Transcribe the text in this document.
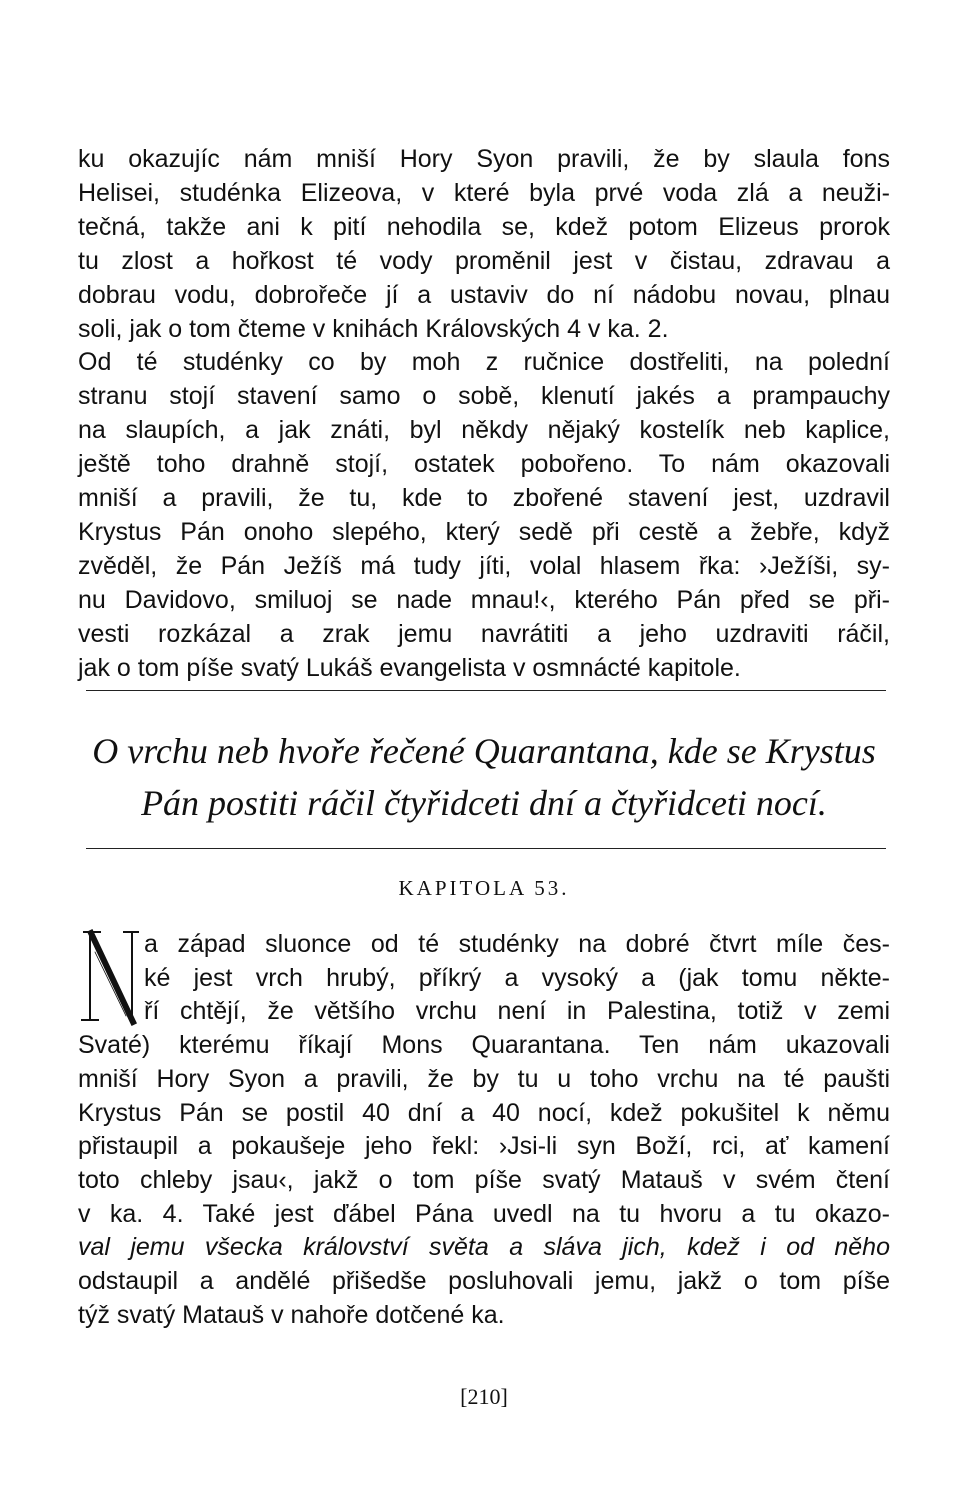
ku okazujíc nám mniší Hory Syon pravili, že by slaula fons
Helisei, studénka Elizeova, v které byla prvé voda zlá a neuži-
tečná, takže ani k pití nehodila se, kdež potom Elizeus prorok
tu zlost a hořkost té vody proměnil jest v čistau, zdravau a
dobrau vodu, dobrořeče jí a ustaviv do ní nádobu novau, plnau
soli, jak o tom čteme v knihách Královských 4 v ka. 2.
Od té studénky co by moh z ručnice dostřeliti, na polední
stranu stojí stavení samo o sobě, klenutí jakés a prampauchy
na slaupích, a jak znáti, byl někdy nějaký kostelík neb kaplice,
ještě toho drahně stojí, ostatek pobořeno. To nám okazovali
mniší a pravili, že tu, kde to zbořené stavení jest, uzdravil
Krystus Pán onoho slepého, který sedě při cestě a žebře, když
zvěděl, že Pán Ježíš má tudy jíti, volal hlasem řka: ›Ježíši, sy-
nu Davidovo, smiluoj se nade mnau!‹, kterého Pán před se při-
vesti rozkázal a zrak jemu navrátiti a jeho uzdraviti ráčil,
jak o tom píše svatý Lukáš evangelista v osmnácté kapitole.

O vrchu neb hvoře řečené Quarantana, kde se Krystus
Pán postiti ráčil čtyřidceti dní a čtyřidceti nocí.
KAPITOLA 53.

a západ sluonce od té studénky na dobré čtvrt míle čes-
ké jest vrch hrubý, příkrý a vysoký a (jak tomu někte-
ří chtějí, že většího vrchu není in Palestina, totiž v zemi
Svaté) kterému říkají Mons Quarantana. Ten nám ukazovali
mniší Hory Syon a pravili, že by tu u toho vrchu na té paušti
Krystus Pán se postil 40 dní a 40 nocí, kdež pokušitel k němu
přistaupil a pokaušeje jeho řekl: ›Jsi-li syn Boží, rci, ať kamení
toto chleby jsau‹, jakž o tom píše svatý Matauš v svém čtení
v ka. 4. Také jest ďábel Pána uvedl na tu hvoru a tu okazo-
val jemu všecka království světa a sláva jich, kdež i od něho
odstaupil a andělé přišedše posluhovali jemu, jakž o tom píše
týž svatý Matauš v nahoře dotčené ka.

[210]
